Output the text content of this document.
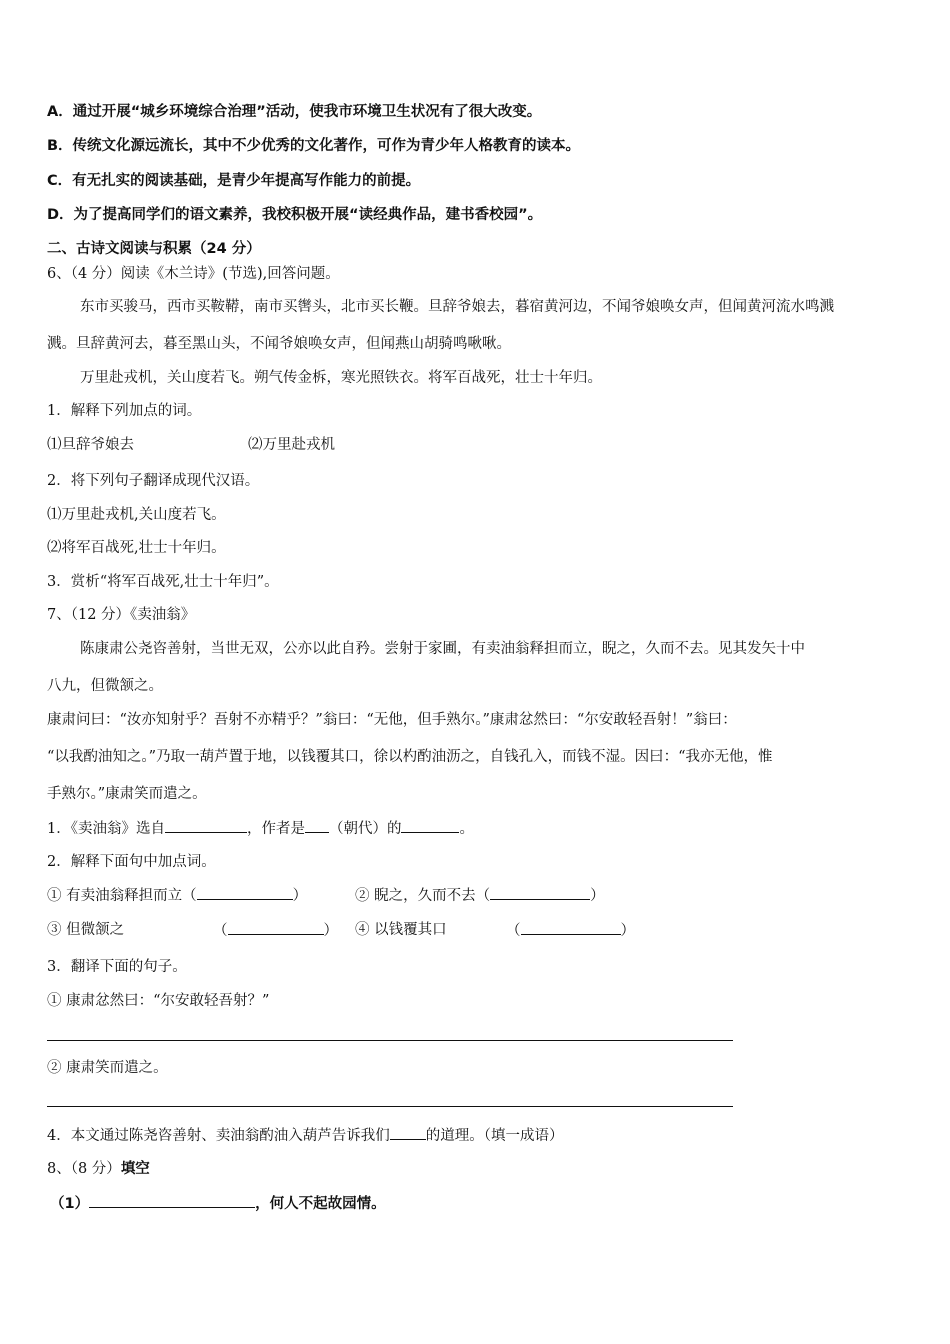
A．通过开展“城乡环境综合治理”活动，使我市环境卫生状况有了很大改变。
B．传统文化源远流长，其中不少优秀的文化著作，可作为青少年人格教育的读本。
C．有无扎实的阅读基础，是青少年提高写作能力的前提。
D．为了提高同学们的语文素养，我校积极开展“读经典作品，建书香校园”。
二、古诗文阅读与积累（24 分）
6、（4 分）阅读《木兰诗》(节选),回答问题。
东市买骏马，西市买鞍鞯，南市买辔头，北市买长鞭。旦辞爷娘去，暮宿黄河边，不闻爷娘唤女声，但闻黄河流水鸣溅
溅。旦辞黄河去，暮至黑山头，不闻爷娘唤女声，但闻燕山胡骑鸣啾啾。
万里赴戎机，关山度若飞。朔气传金柝，寒光照铁衣。将军百战死，壮士十年归。
1．解释下列加点的词。
⑴旦辞爷娘去	⑵万里赴戎机
2．将下列句子翻译成现代汉语。
⑴万里赴戎机,关山度若飞。
⑵将军百战死,壮士十年归。
3．赏析“将军百战死,壮士十年归”。
7、（12 分）《卖油翁》
陈康肃公尧咨善射，当世无双，公亦以此自矜。尝射于家圃，有卖油翁释担而立，睨之，久而不去。见其发矢十中
八九，但微颔之。
康肃问曰：“汝亦知射乎？吾射不亦精乎？”翁曰：“无他，但手熟尔。”康肃忿然曰：“尔安敢轻吾射！”翁曰：
“以我酌油知之。”乃取一葫芦置于地，以钱覆其口，徐以杓酌油沥之，自钱孔入，而钱不湿。因曰：“我亦无他，惟
手熟尔。”康肃笑而遣之。
1．《卖油翁》选自	，作者是 （朝代）的	。
2．解释下面句中加点词。
① 有卖油翁释担而立（	）	② 睨之，久而不去（	）
③ 但微颔之	（	） ④ 以钱覆其口	（	）
3．翻译下面的句子。
① 康肃忿然曰：“尔安敢轻吾射？”
② 康肃笑而遣之。
4．本文通过陈尧咨善射、卖油翁酌油入葫芦告诉我们 的道理。（填一成语）
8、（8 分）填空
（1）	，何人不起故园情。
